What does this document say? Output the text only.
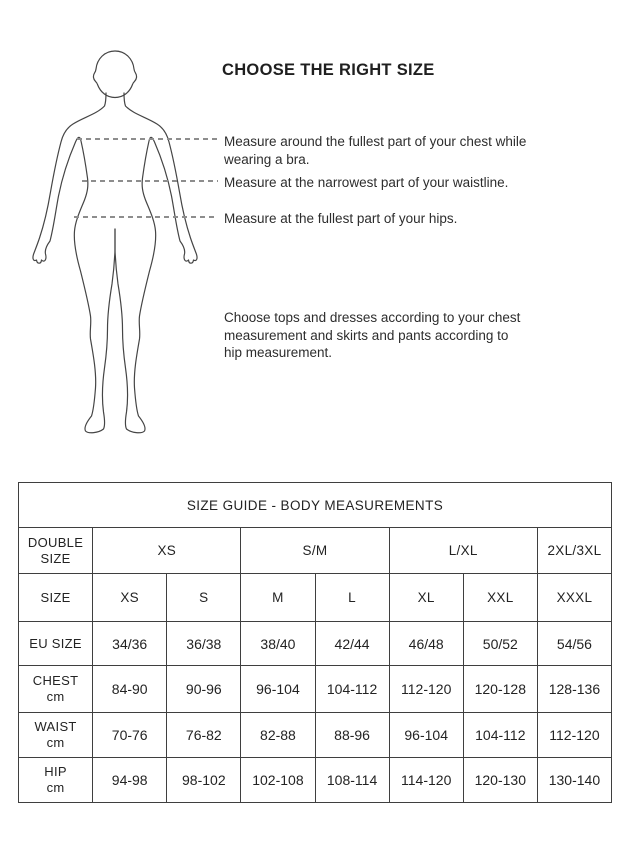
CHOOSE THE RIGHT SIZE
Measure around the fullest part of your chest while
wearing a bra.
Measure at the narrowest part of your waistline.
Measure at the fullest part of your hips.
Choose tops and dresses according to your chest
measurement and skirts and pants according to
hip measurement.
SIZE GUIDE - BODY MEASUREMENTS							

DOUBLE
SIZE	XS		S/M		L/XL		2XL/3XL
SIZE	XS	S	M	L	XL	XXL	XXXL
EU SIZE	34/36	36/38	38/40	42/44	46/48	50/52	54/56

CHEST
cm	84-90	90-96	96-104	104-112	112-120	120-128	128-136

WAIST
cm	70-76	76-82	82-88	88-96	96-104	104-112	112-120

HIP
cm	94-98	98-102	102-108	108-114	114-120	120-130	130-140
